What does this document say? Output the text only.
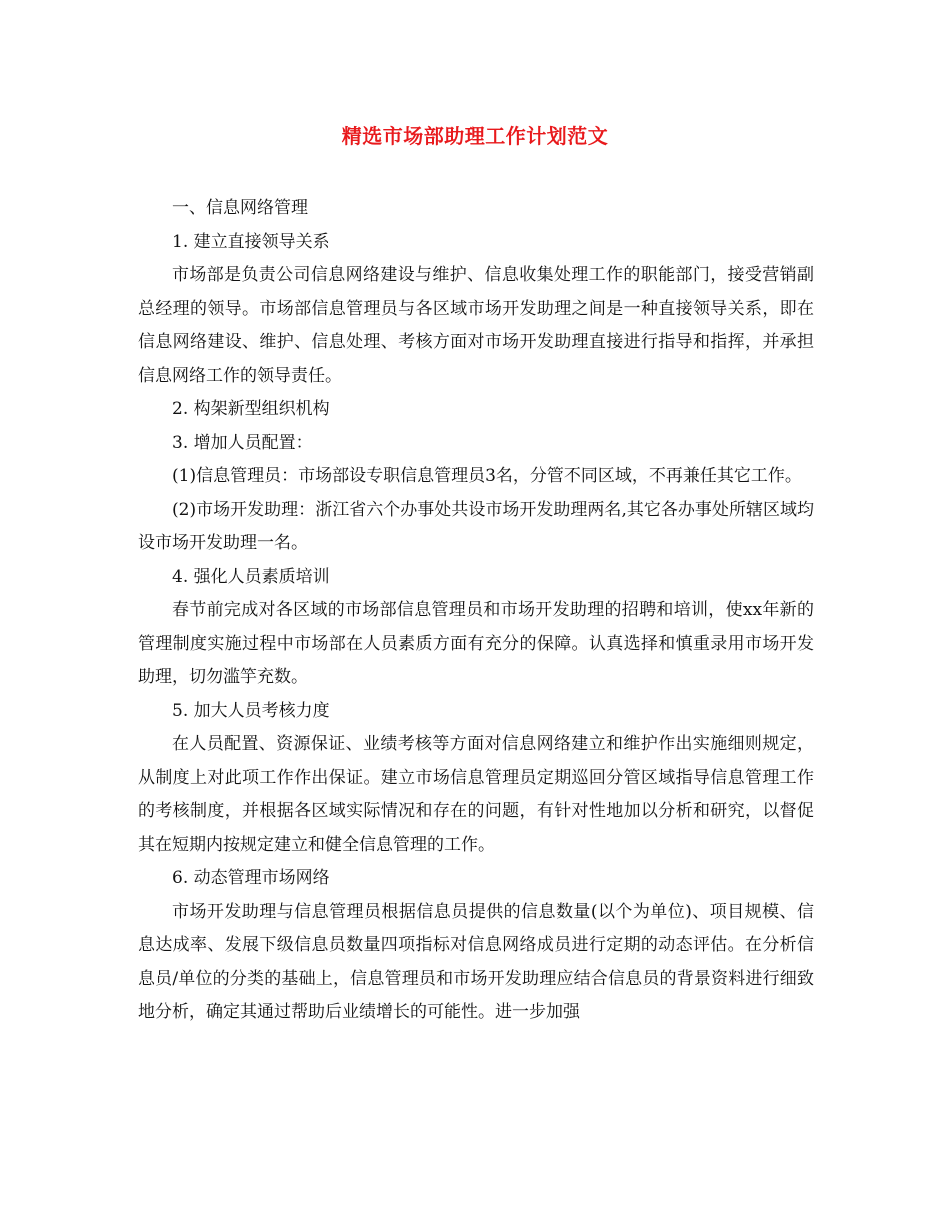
精选市场部助理工作计划范文

一、信息网络管理

1. 建立直接领导关系

市场部是负责公司信息网络建设与维护、信息收集处理工作的职能部门，接受营销副总经理的领导。市场部信息管理员与各区域市场开发助理之间是一种直接领导关系，即在信息网络建设、维护、信息处理、考核方面对市场开发助理直接进行指导和指挥，并承担信息网络工作的领导责任。

2. 构架新型组织机构

3. 增加人员配置：

(1)信息管理员：市场部设专职信息管理员3名，分管不同区域，不再兼任其它工作。

(2)市场开发助理：浙江省六个办事处共设市场开发助理两名,其它各办事处所辖区域均设市场开发助理一名。

4. 强化人员素质培训

春节前完成对各区域的市场部信息管理员和市场开发助理的招聘和培训，使xx年新的管理制度实施过程中市场部在人员素质方面有充分的保障。认真选择和慎重录用市场开发助理，切勿滥竽充数。

5. 加大人员考核力度

在人员配置、资源保证、业绩考核等方面对信息网络建立和维护作出实施细则规定，从制度上对此项工作作出保证。建立市场信息管理员定期巡回分管区域指导信息管理工作的考核制度，并根据各区域实际情况和存在的问题，有针对性地加以分析和研究，以督促其在短期内按规定建立和健全信息管理的工作。

6. 动态管理市场网络

市场开发助理与信息管理员根据信息员提供的信息数量(以个为单位)、项目规模、信息达成率、发展下级信息员数量四项指标对信息网络成员进行定期的动态评估。在分析信息员/单位的分类的基础上，信息管理员和市场开发助理应结合信息员的背景资料进行细致地分析，确定其通过帮助后业绩增长的可能性。进一步加强
